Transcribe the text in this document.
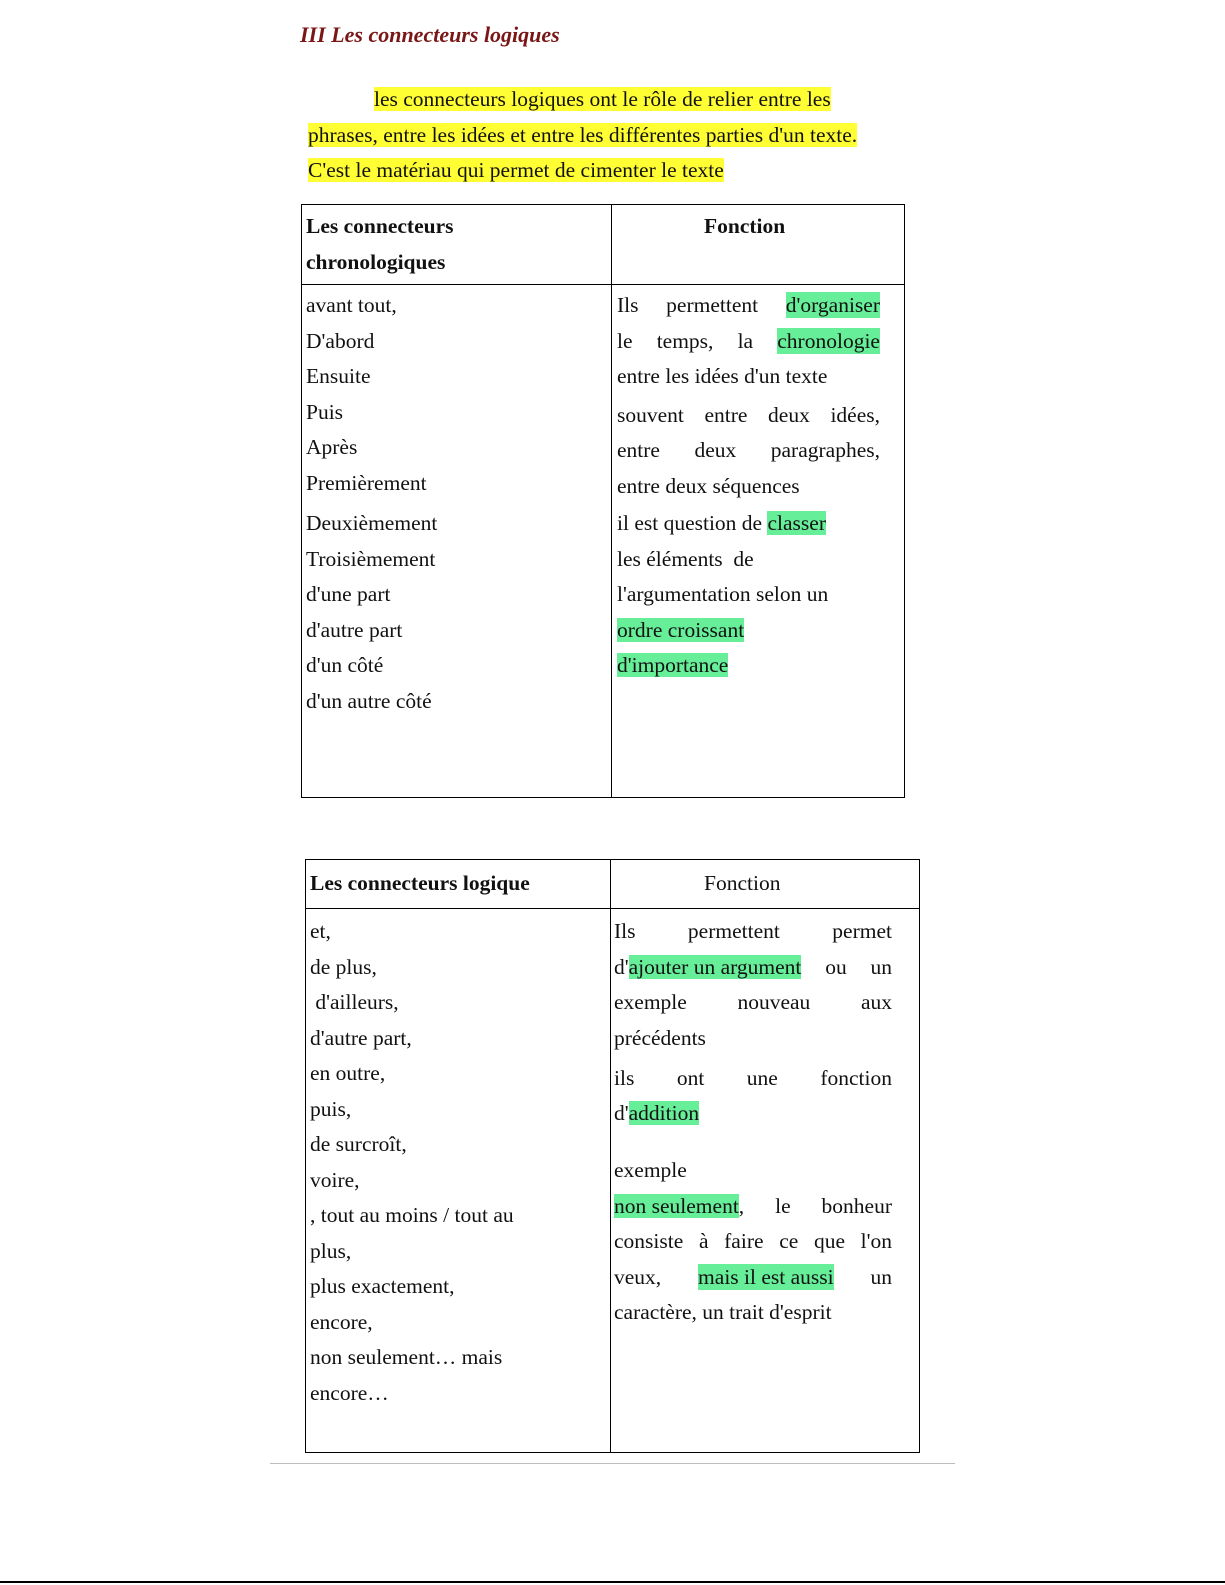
III Les connecteurs logiques
les connecteurs logiques ont le rôle de relier entre les
phrases, entre les idées et entre les différentes parties d'un texte.
C'est le matériau qui permet de cimenter le texte
Les connecteurs
chronologiques
Fonction
avant tout,
D'abord
Ensuite
Puis
Après
Premièrement
Deuxièmement
Troisièmement
d'une part
d'autre part
d'un côté
d'un autre côté
Ils permettent d'organiser
le temps, la chronologie
entre les idées d'un texte
souvent entre deux idées,
entre deux paragraphes,
entre deux séquences
il est question de classer
les éléments  de
l'argumentation selon un
ordre croissant
d'importance
Les connecteurs logique	Fonction
et,
de plus,
d'ailleurs,
d'autre part,
en outre,
puis,
de surcroît,
voire,
, tout au moins / tout au
plus,
plus exactement,
encore,
non seulement… mais
encore…
Ils permettent permet
d'ajouter un argument ou un
exemple nouveau aux
précédents
ils ont une fonction
d'addition
exemple
non seulement, le bonheur
consiste à faire ce que l'on
veux, mais il est aussi un
caractère, un trait d'esprit
